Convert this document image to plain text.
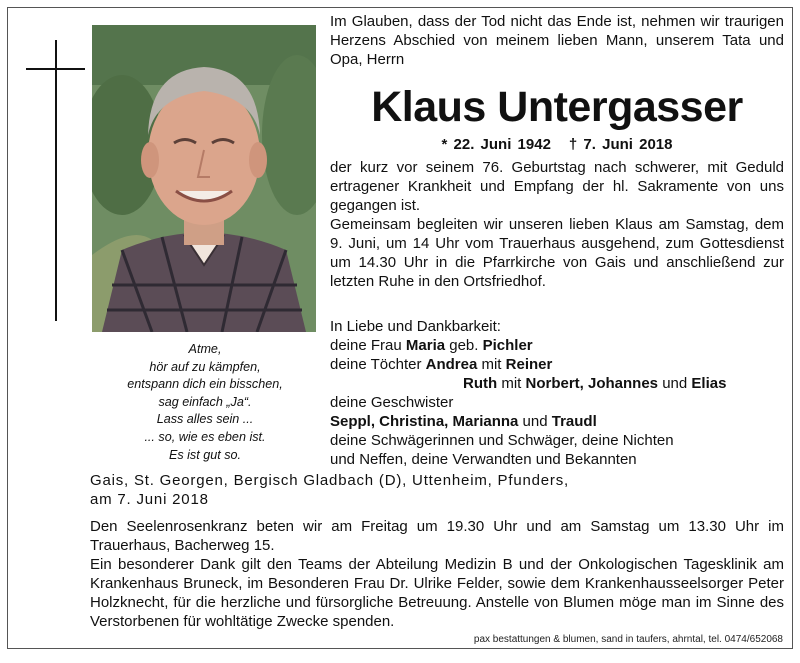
Atme,
hör auf zu kämpfen,
entspann dich ein bisschen,
sag einfach „Ja“.
Lass alles sein ...
... so, wie es eben ist.
Es ist gut so.
Im Glauben, dass der Tod nicht das Ende ist, nehmen wir traurigen Herzens Abschied von meinem lieben Mann, unserem Tata und Opa, Herrn
Klaus Untergasser
* 22. Juni 1942 † 7. Juni 2018
der kurz vor seinem 76. Geburtstag nach schwerer, mit Geduld ertragener Krankheit und Empfang der hl. Sakramente von uns gegangen ist.
Gemeinsam begleiten wir unseren lieben Klaus am Samstag, dem 9. Juni, um 14 Uhr vom Trauerhaus ausgehend, zum Gottesdienst um 14.30 Uhr in die Pfarrkirche von Gais und anschließend zur letzten Ruhe in den Ortsfriedhof.
In Liebe und Dankbarkeit:
deine Frau Maria geb. Pichler
deine Töchter Andrea mit Reiner
Ruth mit Norbert, Johannes und Elias
deine Geschwister
Seppl, Christina, Marianna und Traudl
deine Schwägerinnen und Schwäger, deine Nichten
und Neffen, deine Verwandten und Bekannten
Gais, St. Georgen, Bergisch Gladbach (D), Uttenheim, Pfunders,
am 7. Juni 2018
Den Seelenrosenkranz beten wir am Freitag um 19.30 Uhr und am Samstag um 13.30 Uhr im Trauerhaus, Bacherweg 15.
Ein besonderer Dank gilt den Teams der Abteilung Medizin B und der Onkologischen Tagesklinik am Krankenhaus Bruneck, im Besonderen Frau Dr. Ulrike Felder, sowie dem Krankenhausseelsorger Peter Holzknecht, für die herzliche und fürsorgliche Betreuung. Anstelle von Blumen möge man im Sinne des Verstorbenen für wohltätige Zwecke spenden.
pax bestattungen & blumen, sand in taufers, ahrntal, tel. 0474/652068
